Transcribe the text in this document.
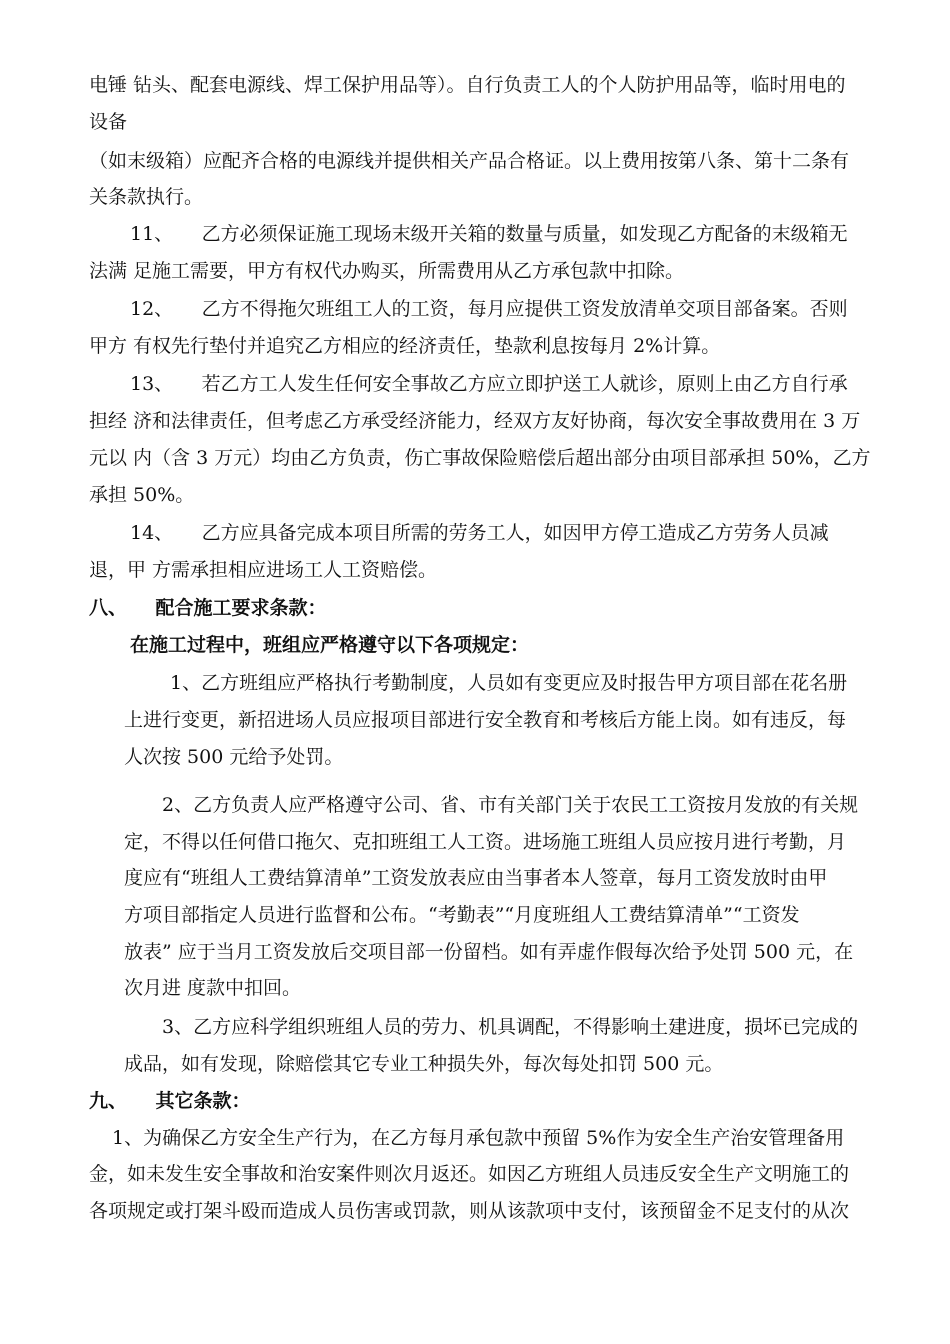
电锤 钻头、配套电源线、焊工保护用品等）。自行负责工人的个人防护用品等，临时用电的
设备
（如末级箱）应配齐合格的电源线并提供相关产品合格证。以上费用按第八条、第十二条有
关条款执行。
11、　　乙方必须保证施工现场末级开关箱的数量与质量，如发现乙方配备的末级箱无
法满 足施工需要，甲方有权代办购买，所需费用从乙方承包款中扣除。
12、　　乙方不得拖欠班组工人的工资，每月应提供工资发放清单交项目部备案。否则
甲方 有权先行垫付并追究乙方相应的经济责任，垫款利息按每月 2%计算。
13、　　若乙方工人发生任何安全事故乙方应立即护送工人就诊，原则上由乙方自行承
担经 济和法律责任，但考虑乙方承受经济能力，经双方友好协商，每次安全事故费用在 3 万
元以 内（含 3 万元）均由乙方负责，伤亡事故保险赔偿后超出部分由项目部承担 50%，乙方
承担 50%。
14、　　乙方应具备完成本项目所需的劳务工人，如因甲方停工造成乙方劳务人员减
退，甲 方需承担相应进场工人工资赔偿。
八、　　配合施工要求条款：
在施工过程中，班组应严格遵守以下各项规定：
1、乙方班组应严格执行考勤制度，人员如有变更应及时报告甲方项目部在花名册
上进行变更，新招进场人员应报项目部进行安全教育和考核后方能上岗。如有违反，每
人次按 500 元给予处罚。
2、乙方负责人应严格遵守公司、省、市有关部门关于农民工工资按月发放的有关规
定，不得以任何借口拖欠、克扣班组工人工资。进场施工班组人员应按月进行考勤，月
度应有“班组人工费结算清单”工资发放表应由当事者本人签章，每月工资发放时由甲
方项目部指定人员进行监督和公布。“考勤表”“月度班组人工费结算清单”“工资发
放表” 应于当月工资发放后交项目部一份留档。如有弄虚作假每次给予处罚 500 元，在
次月进 度款中扣回。
3、乙方应科学组织班组人员的劳力、机具调配，不得影响土建进度，损坏已完成的
成品，如有发现，除赔偿其它专业工种损失外，每次每处扣罚 500 元。
九、　　其它条款：
1、为确保乙方安全生产行为，在乙方每月承包款中预留 5%作为安全生产治安管理备用
金，如未发生安全事故和治安案件则次月返还。如因乙方班组人员违反安全生产文明施工的
各项规定或打架斗殴而造成人员伤害或罚款，则从该款项中支付，该预留金不足支付的从次
